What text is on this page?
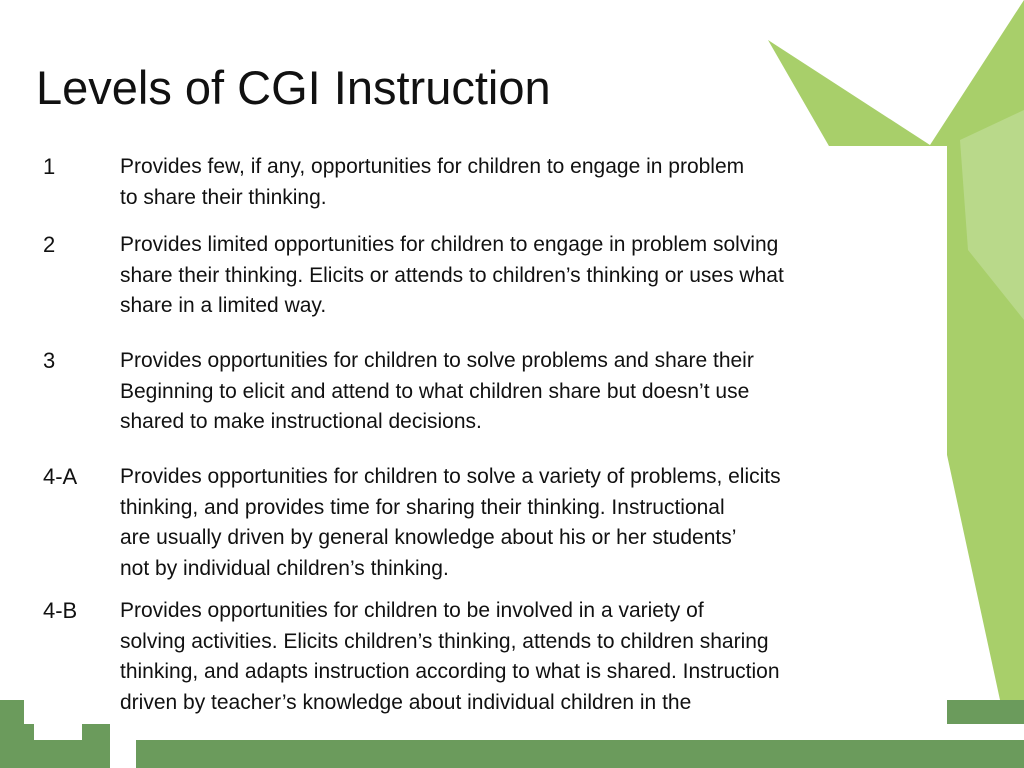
Levels of CGI Instruction
1	Provides few, if any, opportunities for children to engage in problem
to share their thinking.
2	Provides limited opportunities for children to engage in problem solving
share their thinking. Elicits or attends to children’s thinking or uses what
share in a limited way.
3	Provides opportunities for children to solve problems and share their
Beginning to elicit and attend to what children share but doesn’t use
shared to make instructional decisions.
4-A Provides opportunities for children to solve a variety of problems, elicits
thinking, and provides time for sharing their thinking. Instructional
are usually driven by general knowledge about his or her students’
not by individual children’s thinking.
4-B Provides opportunities for children to be involved in a variety of
solving activities. Elicits children’s thinking, attends to children sharing
thinking, and adapts instruction according to what is shared. Instruction
driven by teacher’s knowledge about individual children in the
